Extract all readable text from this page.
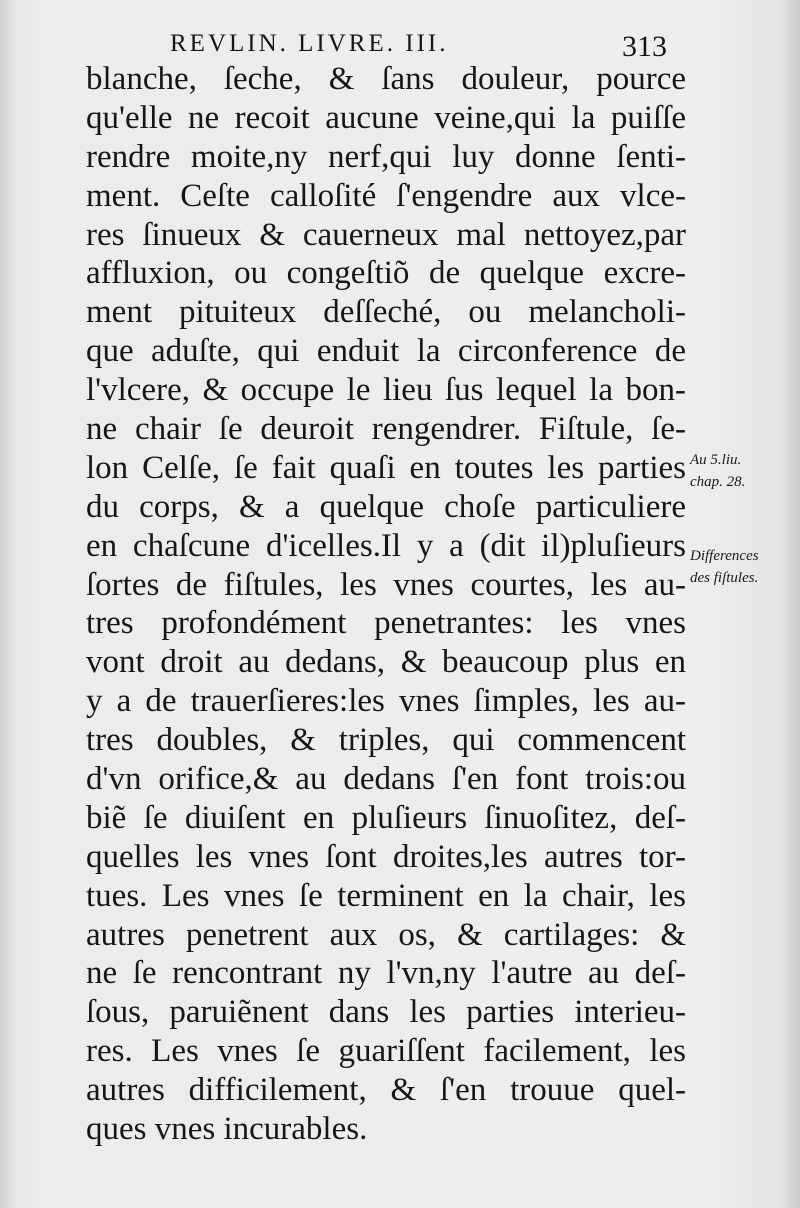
REVLIN. LIVRE. III.	313
blanche, ſeche, & ſans douleur, pource
qu'elle ne recoit aucune veine,qui la puiſſe
rendre moite,ny nerf,qui luy donne ſenti-
ment. Ceſte calloſité ſ'engendre aux vlce-
res ſinueux & cauerneux mal nettoyez,par
affluxion, ou congeſtiõ de quelque excre-
ment pituiteux deſſeché, ou melancholi-
que aduſte, qui enduit la circonference de
l'vlcere, & occupe le lieu ſus lequel la bon-
ne chair ſe deuroit rengendrer. Fiſtule, ſe-
lon Celſe, ſe fait quaſi en toutes les parties
du corps, & a quelque choſe particuliere
en chaſcune d'icelles.Il y a (dit il)pluſieurs
ſortes de fiſtules, les vnes courtes, les au-
tres profondément penetrantes: les vnes
vont droit au dedans, & beaucoup plus en
y a de trauerſieres:les vnes ſimples, les au-
tres doubles, & triples, qui commencent
d'vn orifice,& au dedans ſ'en font trois:ou
biẽ ſe diuiſent en pluſieurs ſinuoſitez, deſ-
quelles les vnes ſont droites,les autres tor-
tues. Les vnes ſe terminent en la chair, les
autres penetrent aux os, & cartilages: &
ne ſe rencontrant ny l'vn,ny l'autre au deſ-
ſous, paruiẽnent dans les parties interieu-
res. Les vnes ſe guariſſent facilement, les
autres difficilement, & ſ'en trouue quel-
ques vnes incurables.
Au 5.liu.
chap. 28.
Differences
des fiſtules.
